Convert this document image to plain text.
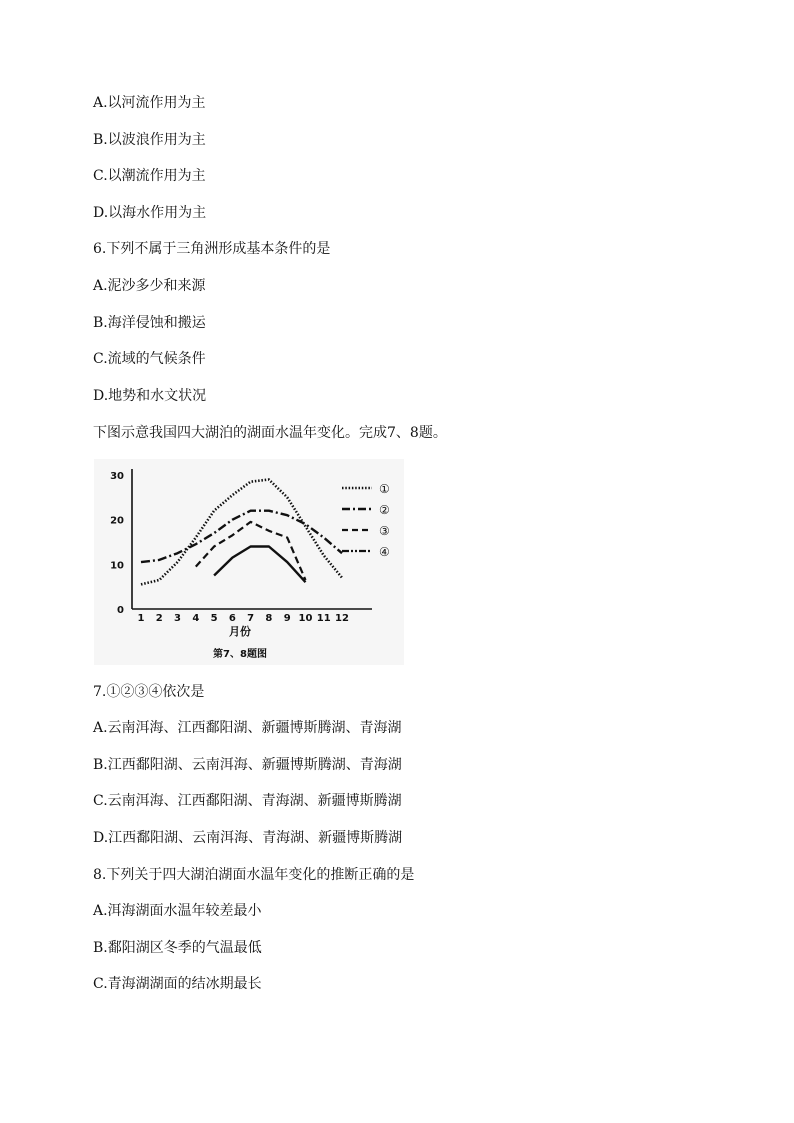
A.以河流作用为主
B.以波浪作用为主
C.以潮流作用为主
D.以海水作用为主
6.下列不属于三角洲形成基本条件的是
A.泥沙多少和来源
B.海洋侵蚀和搬运
C.流域的气候条件
D.地势和水文状况
下图示意我国四大湖泊的湖面水温年变化。完成7、8题。
1 2 3 4 5 6 7 8 9 10 11 12
0
10
20
30
①
②
③
④
月份
第7、8题图
7.①②③④依次是
A.云南洱海、江西鄱阳湖、新疆博斯腾湖、青海湖
B.江西鄱阳湖、云南洱海、新疆博斯腾湖、青海湖
C.云南洱海、江西鄱阳湖、青海湖、新疆博斯腾湖
D.江西鄱阳湖、云南洱海、青海湖、新疆博斯腾湖
8.下列关于四大湖泊湖面水温年变化的推断正确的是
A.洱海湖面水温年较差最小
B.鄱阳湖区冬季的气温最低
C.青海湖湖面的结冰期最长
